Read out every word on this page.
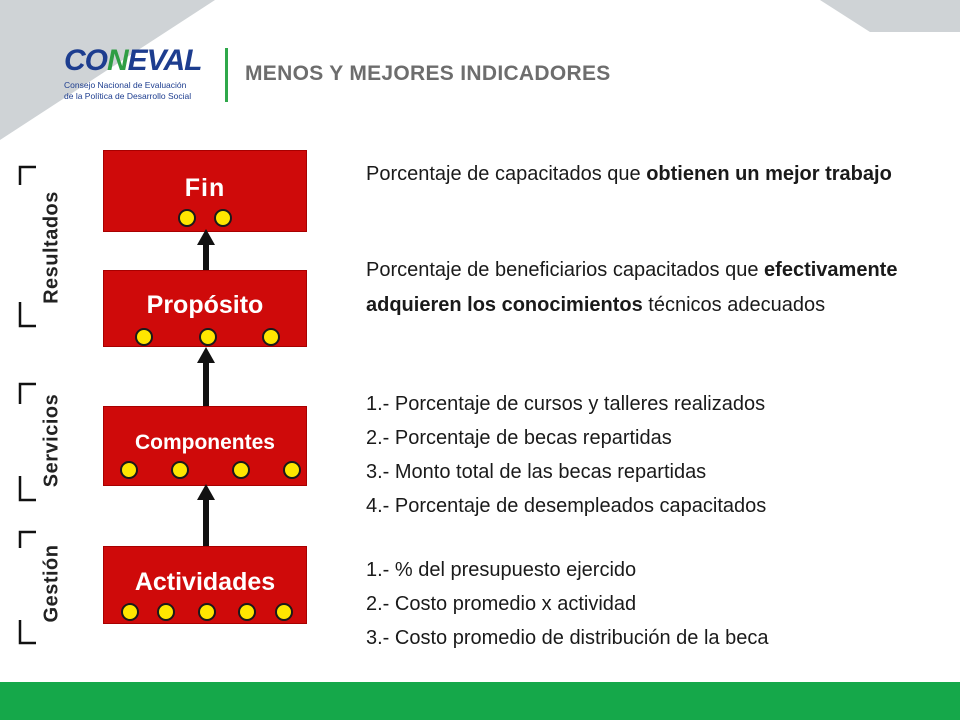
CONEVAL
Consejo Nacional de Evaluación
de la Política de Desarrollo Social
MENOS Y MEJORES INDICADORES
Resultados
Servicios
Gestión
Fin
Propósito
Componentes
Actividades
Porcentaje de capacitados que obtienen un mejor trabajo
Porcentaje de beneficiarios capacitados que efectivamente adquieren los conocimientos técnicos adecuados
1.- Porcentaje de cursos y talleres realizados
2.- Porcentaje de becas repartidas
3.- Monto total de las becas repartidas
4.- Porcentaje de desempleados capacitados
1.- % del presupuesto ejercido
2.- Costo promedio x actividad
3.- Costo promedio de distribución de la beca
